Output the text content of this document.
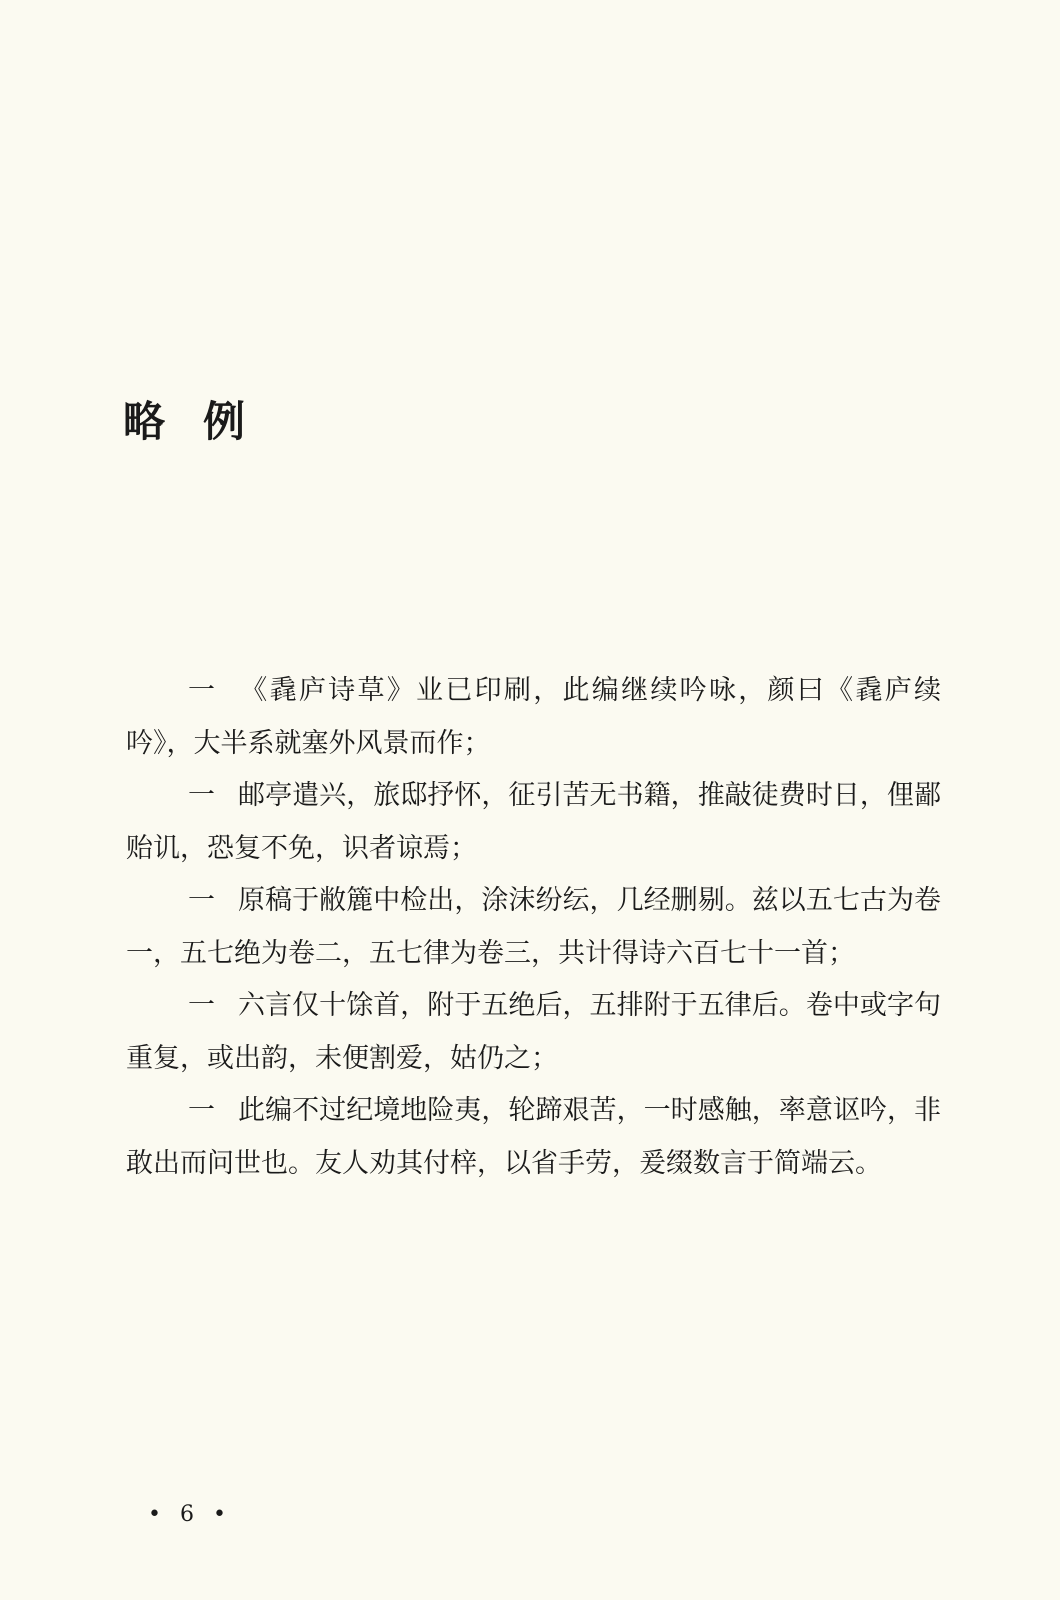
略例

一 《毳庐诗草》业已印刷，此编继续吟咏，颜曰《毳庐续吟》，大半系就塞外风景而作；

一 邮亭遣兴，旅邸抒怀，征引苦无书籍，推敲徒费时日，俚鄙贻讥，恐复不免，识者谅焉；

一 原稿于敝簏中检出，涂沫纷纭，几经删剔。兹以五七古为卷一，五七绝为卷二，五七律为卷三，共计得诗六百七十一首；

一 六言仅十馀首，附于五绝后，五排附于五律后。卷中或字句重复，或出韵，未便割爱，姑仍之；

一 此编不过纪境地险夷，轮蹄艰苦，一时感触，率意讴吟，非敢出而问世也。友人劝其付梓，以省手劳，爰缀数言于简端云。

• 6 •
